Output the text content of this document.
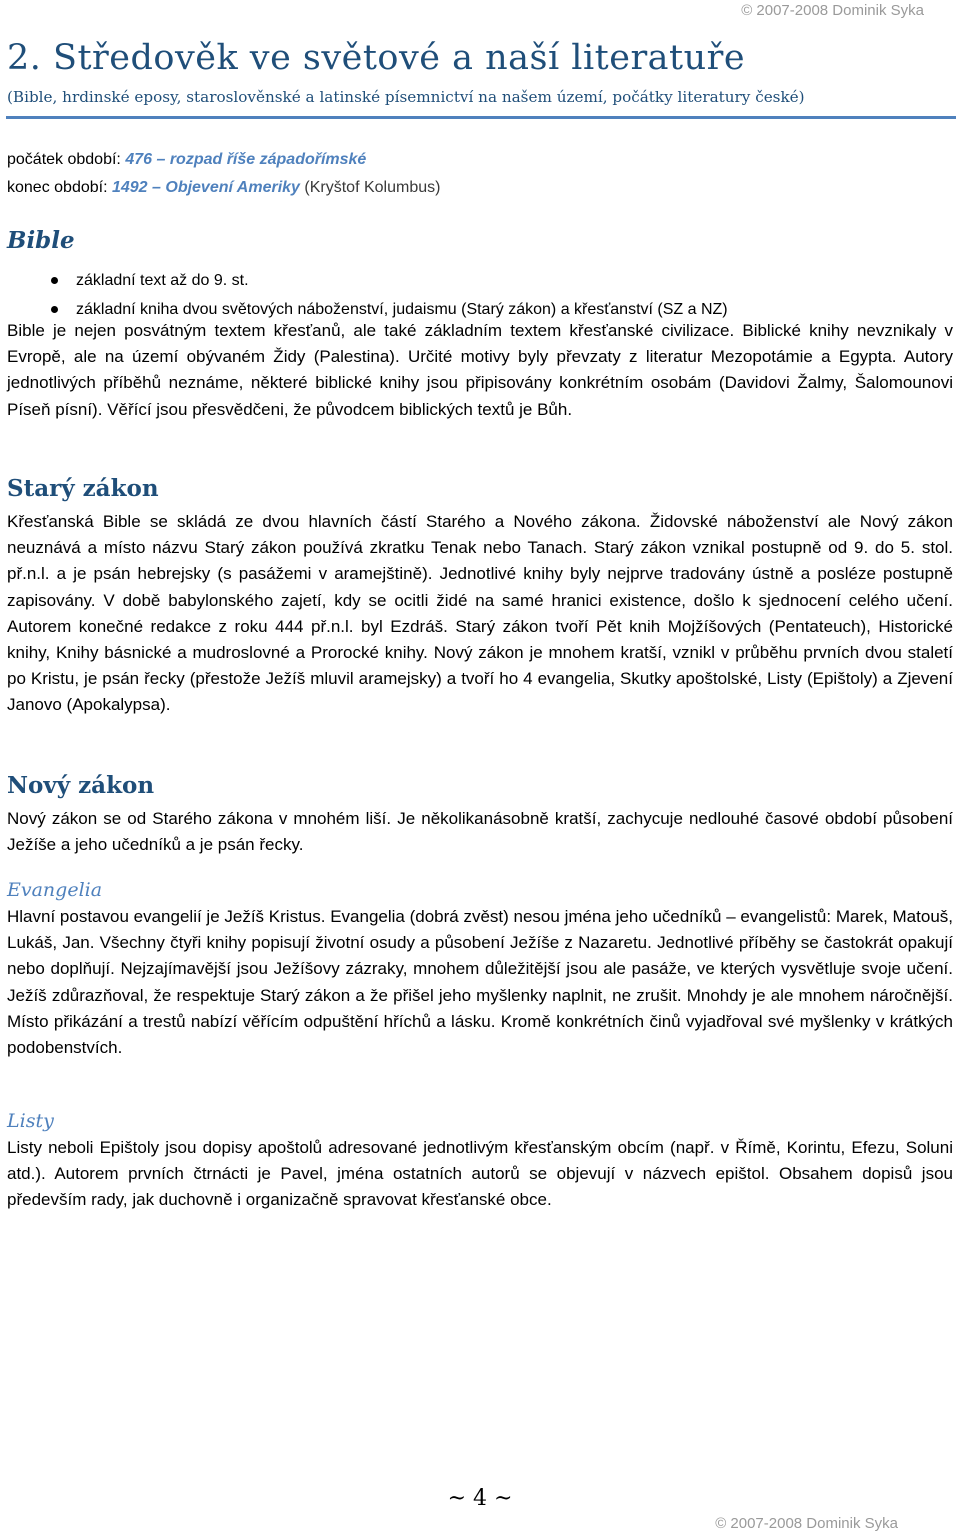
© 2007-2008 Dominik Syka
2. Středověk ve světové a naší literatuře
(Bible, hrdinské eposy, staroslověnské a latinské písemnictví na našem území, počátky literatury české)
počátek období: 476 – rozpad říše západořímské
konec období: 1492 – Objevení Ameriky (Kryštof Kolumbus)
Bible
základní text až do 9. st.
základní kniha dvou světových náboženství, judaismu (Starý zákon) a křesťanství (SZ a NZ)

Bible je nejen posvátným textem křesťanů, ale také základním textem křesťanské civilizace. Biblické knihy nevznikaly v Evropě, ale na území obývaném Židy (Palestina). Určité motivy byly převzaty z literatur Mezopotámie a Egypta. Autory jednotlivých příběhů neznáme, některé biblické knihy jsou připisovány konkrétním osobám (Davidovi Žalmy, Šalomounovi Píseň písní). Věřící jsou přesvědčeni, že původcem biblických textů je Bůh.

Starý zákon

Křesťanská Bible se skládá ze dvou hlavních částí Starého a Nového zákona. Židovské náboženství ale Nový zákon neuznává a místo názvu Starý zákon používá zkratku Tenak nebo Tanach. Starý zákon vznikal postupně od 9. do 5. stol. př.n.l. a je psán hebrejsky (s pasážemi v aramejštině). Jednotlivé knihy byly nejprve tradovány ústně a posléze postupně zapisovány. V době babylonského zajetí, kdy se ocitli židé na samé hranici existence, došlo k sjednocení celého učení. Autorem konečné redakce z roku 444 př.n.l. byl Ezdráš. Starý zákon tvoří Pět knih Mojžíšových (Pentateuch), Historické knihy, Knihy básnické a mudroslovné a Prorocké knihy. Nový zákon je mnohem kratší, vznikl v průběhu prvních dvou staletí po Kristu, je psán řecky (přestože Ježíš mluvil aramejsky) a tvoří ho 4 evangelia, Skutky apoštolské, Listy (Epištoly) a Zjevení Janovo (Apokalypsa).

Nový zákon

Nový zákon se od Starého zákona v mnohém liší. Je několikanásobně kratší, zachycuje nedlouhé časové období působení Ježíše a jeho učedníků a je psán řecky.

Evangelia

Hlavní postavou evangelií je Ježíš Kristus. Evangelia (dobrá zvěst) nesou jména jeho učedníků – evangelistů: Marek, Matouš, Lukáš, Jan. Všechny čtyři knihy popisují životní osudy a působení Ježíše z Nazaretu. Jednotlivé příběhy se častokrát opakují nebo doplňují. Nejzajímavější jsou Ježíšovy zázraky, mnohem důležitější jsou ale pasáže, ve kterých vysvětluje svoje učení. Ježíš zdůrazňoval, že respektuje Starý zákon a že přišel jeho myšlenky naplnit, ne zrušit. Mnohdy je ale mnohem náročnější. Místo přikázání a trestů nabízí věřícím odpuštění hříchů a lásku. Kromě konkrétních činů vyjadřoval své myšlenky v krátkých podobenstvích.

Listy

Listy neboli Epištoly jsou dopisy apoštolů adresované jednotlivým křesťanským obcím (např. v Římě, Korintu, Efezu, Soluni atd.). Autorem prvních čtrnácti je Pavel, jména ostatních autorů se objevují v názvech epištol. Obsahem dopisů jsou především rady, jak duchovně i organizačně spravovat křesťanské obce.

~ 4 ~
© 2007-2008 Dominik Syka
